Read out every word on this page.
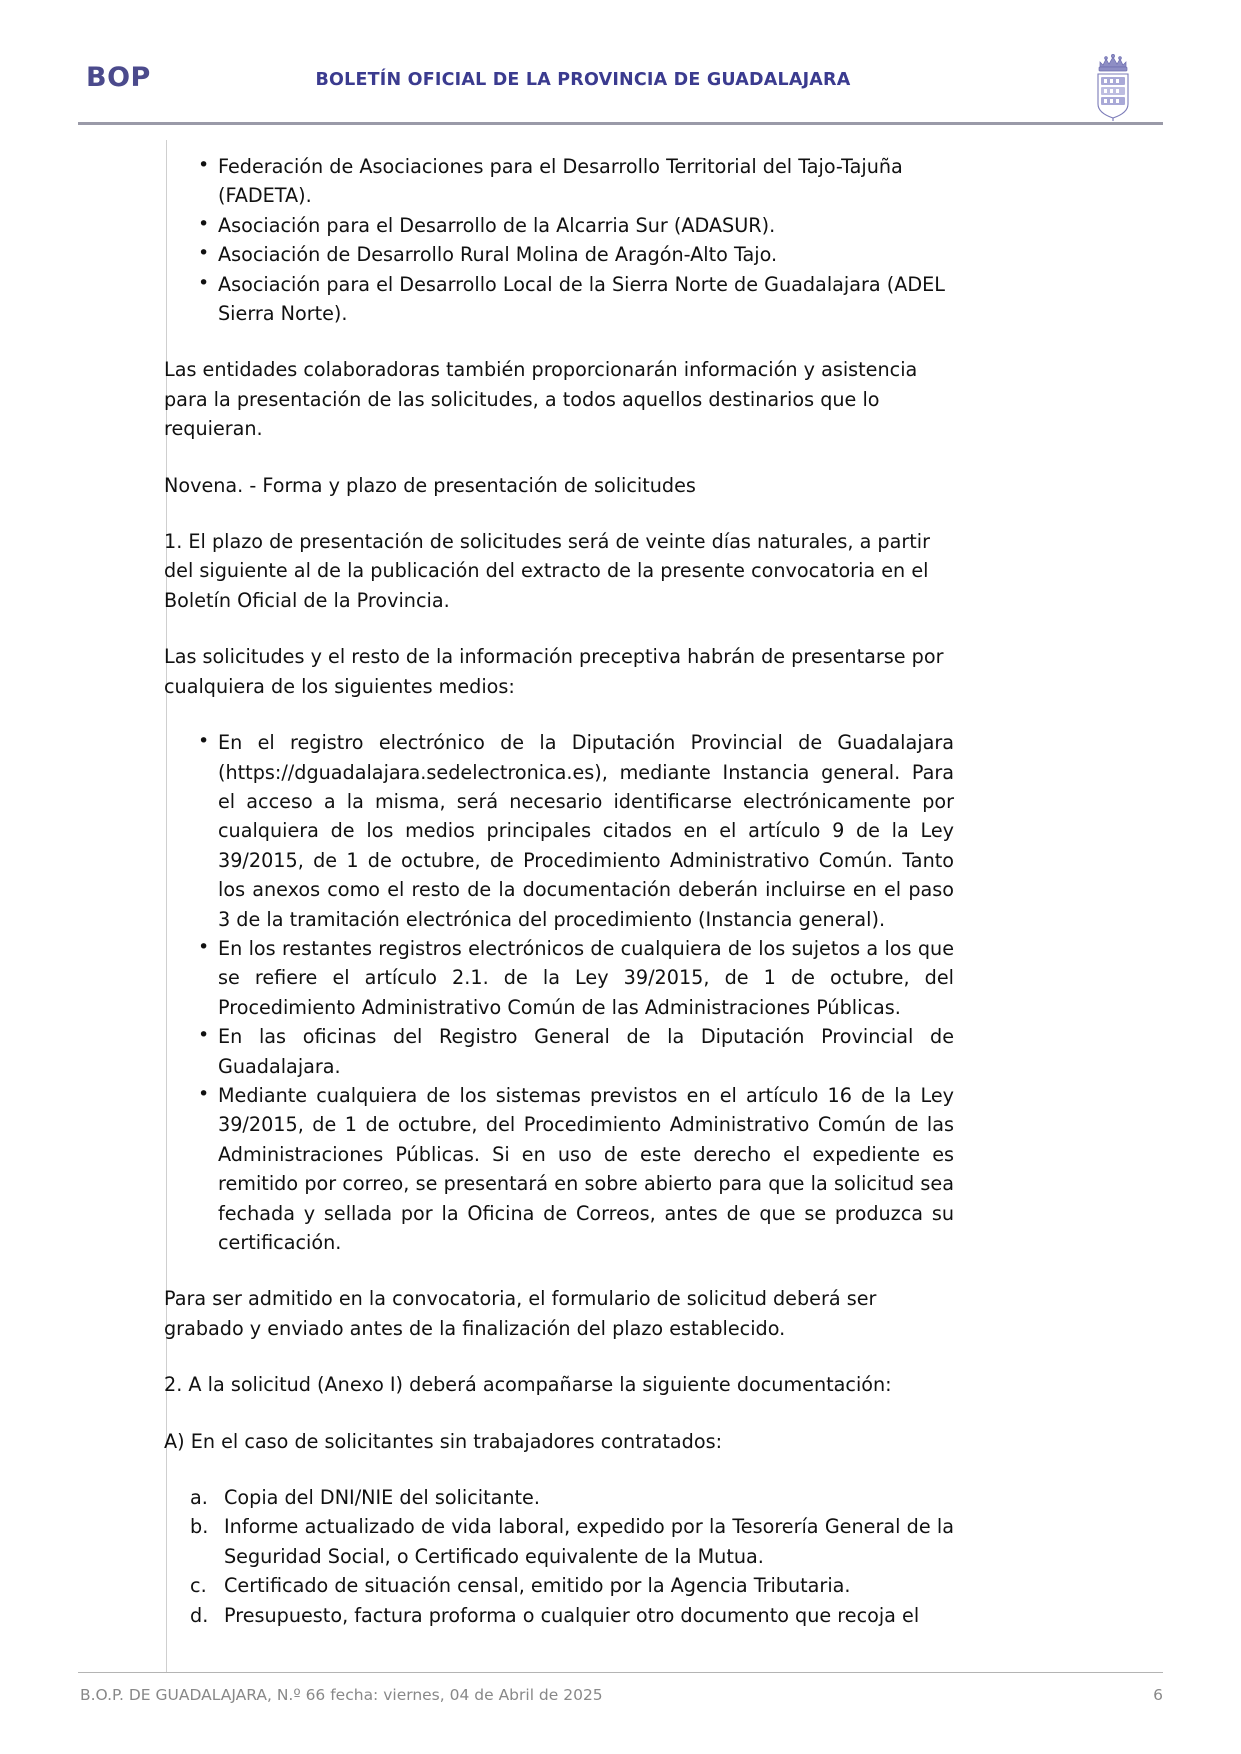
BOP	BOLETÍN OFICIAL DE LA PROVINCIA DE GUADALAJARA
• Federación de Asociaciones para el Desarrollo Territorial del Tajo-Tajuña (FADETA).
• Asociación para el Desarrollo de la Alcarria Sur (ADASUR).
• Asociación de Desarrollo Rural Molina de Aragón-Alto Tajo.
• Asociación para el Desarrollo Local de la Sierra Norte de Guadalajara (ADEL Sierra Norte).

Las entidades colaboradoras también proporcionarán información y asistencia para la presentación de las solicitudes, a todos aquellos destinarios que lo requieran.

Novena. - Forma y plazo de presentación de solicitudes

1. El plazo de presentación de solicitudes será de veinte días naturales, a partir del siguiente al de la publicación del extracto de la presente convocatoria en el Boletín Oficial de la Provincia.

Las solicitudes y el resto de la información preceptiva habrán de presentarse por cualquiera de los siguientes medios:

• En el registro electrónico de la Diputación Provincial de Guadalajara (https://dguadalajara.sedelectronica.es), mediante Instancia general. Para el acceso a la misma, será necesario identificarse electrónicamente por cualquiera de los medios principales citados en el artículo 9 de la Ley 39/2015, de 1 de octubre, de Procedimiento Administrativo Común. Tanto los anexos como el resto de la documentación deberán incluirse en el paso 3 de la tramitación electrónica del procedimiento (Instancia general).
• En los restantes registros electrónicos de cualquiera de los sujetos a los que se refiere el artículo 2.1. de la Ley 39/2015, de 1 de octubre, del Procedimiento Administrativo Común de las Administraciones Públicas.
• En las oficinas del Registro General de la Diputación Provincial de Guadalajara.
• Mediante cualquiera de los sistemas previstos en el artículo 16 de la Ley 39/2015, de 1 de octubre, del Procedimiento Administrativo Común de las Administraciones Públicas. Si en uso de este derecho el expediente es remitido por correo, se presentará en sobre abierto para que la solicitud sea fechada y sellada por la Oficina de Correos, antes de que se produzca su certificación.

Para ser admitido en la convocatoria, el formulario de solicitud deberá ser grabado y enviado antes de la finalización del plazo establecido.

2. A la solicitud (Anexo I) deberá acompañarse la siguiente documentación:

A) En el caso de solicitantes sin trabajadores contratados:

Copia del DNI/NIE del solicitante.
Informe actualizado de vida laboral, expedido por la Tesorería General de la Seguridad Social, o Certificado equivalente de la Mutua.
Certificado de situación censal, emitido por la Agencia Tributaria.
Presupuesto, factura proforma o cualquier otro documento que recoja el
B.O.P. DE GUADALAJARA, N.º 66 fecha: viernes, 04 de Abril de 2025	6
